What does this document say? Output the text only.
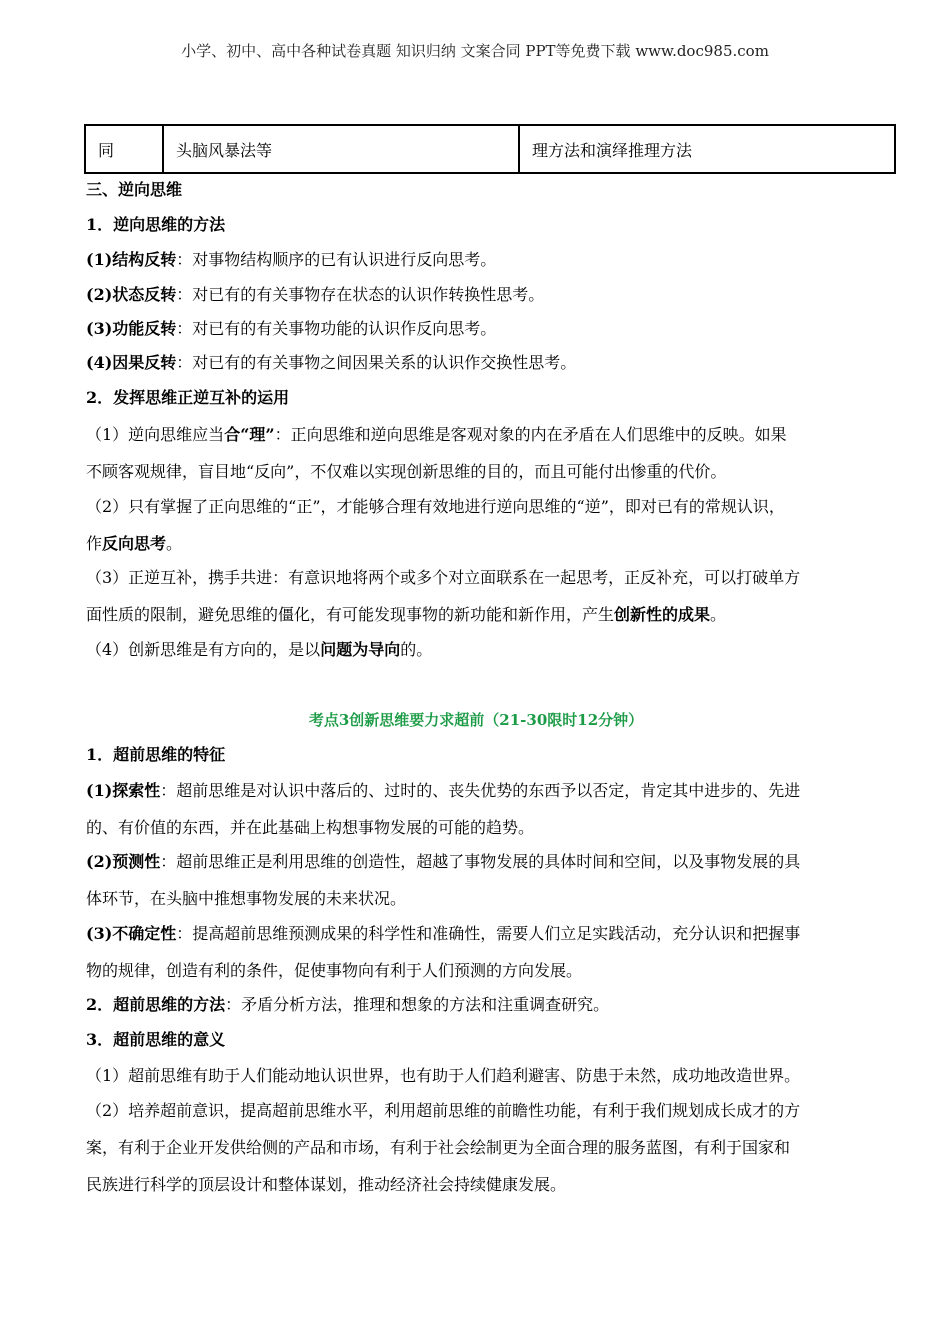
小学、初中、高中各种试卷真题 知识归纳 文案合同 PPT等免费下载 www.doc985.com
同	头脑风暴法等	理方法和演绎推理方法
三、逆向思维
1．逆向思维的方法
(1)结构反转：对事物结构顺序的已有认识进行反向思考。
(2)状态反转：对已有的有关事物存在状态的认识作转换性思考。
(3)功能反转：对已有的有关事物功能的认识作反向思考。
(4)因果反转：对已有的有关事物之间因果关系的认识作交换性思考。
2．发挥思维正逆互补的运用
（1）逆向思维应当合“理”：正向思维和逆向思维是客观对象的内在矛盾在人们思维中的反映。如果
不顾客观规律，盲目地“反向”，不仅难以实现创新思维的目的，而且可能付出惨重的代价。
（2）只有掌握了正向思维的“正”，才能够合理有效地进行逆向思维的“逆”，即对已有的常规认识，
作反向思考。
（3）正逆互补，携手共进：有意识地将两个或多个对立面联系在一起思考，正反补充，可以打破单方
面性质的限制，避免思维的僵化，有可能发现事物的新功能和新作用，产生创新性的成果。
（4）创新思维是有方向的，是以问题为导向的。
考点3创新思维要力求超前（21-30限时12分钟）
1．超前思维的特征
(1)探索性：超前思维是对认识中落后的、过时的、丧失优势的东西予以否定，肯定其中进步的、先进
的、有价值的东西，并在此基础上构想事物发展的可能的趋势。
(2)预测性：超前思维正是利用思维的创造性，超越了事物发展的具体时间和空间，以及事物发展的具
体环节，在头脑中推想事物发展的未来状况。
(3)不确定性：提高超前思维预测成果的科学性和准确性，需要人们立足实践活动，充分认识和把握事
物的规律，创造有利的条件，促使事物向有利于人们预测的方向发展。
2．超前思维的方法：矛盾分析方法，推理和想象的方法和注重调查研究。
3．超前思维的意义
（1）超前思维有助于人们能动地认识世界，也有助于人们趋利避害、防患于未然，成功地改造世界。
（2）培养超前意识，提高超前思维水平，利用超前思维的前瞻性功能，有利于我们规划成长成才的方
案，有利于企业开发供给侧的产品和市场，有利于社会绘制更为全面合理的服务蓝图，有利于国家和
民族进行科学的顶层设计和整体谋划，推动经济社会持续健康发展。
